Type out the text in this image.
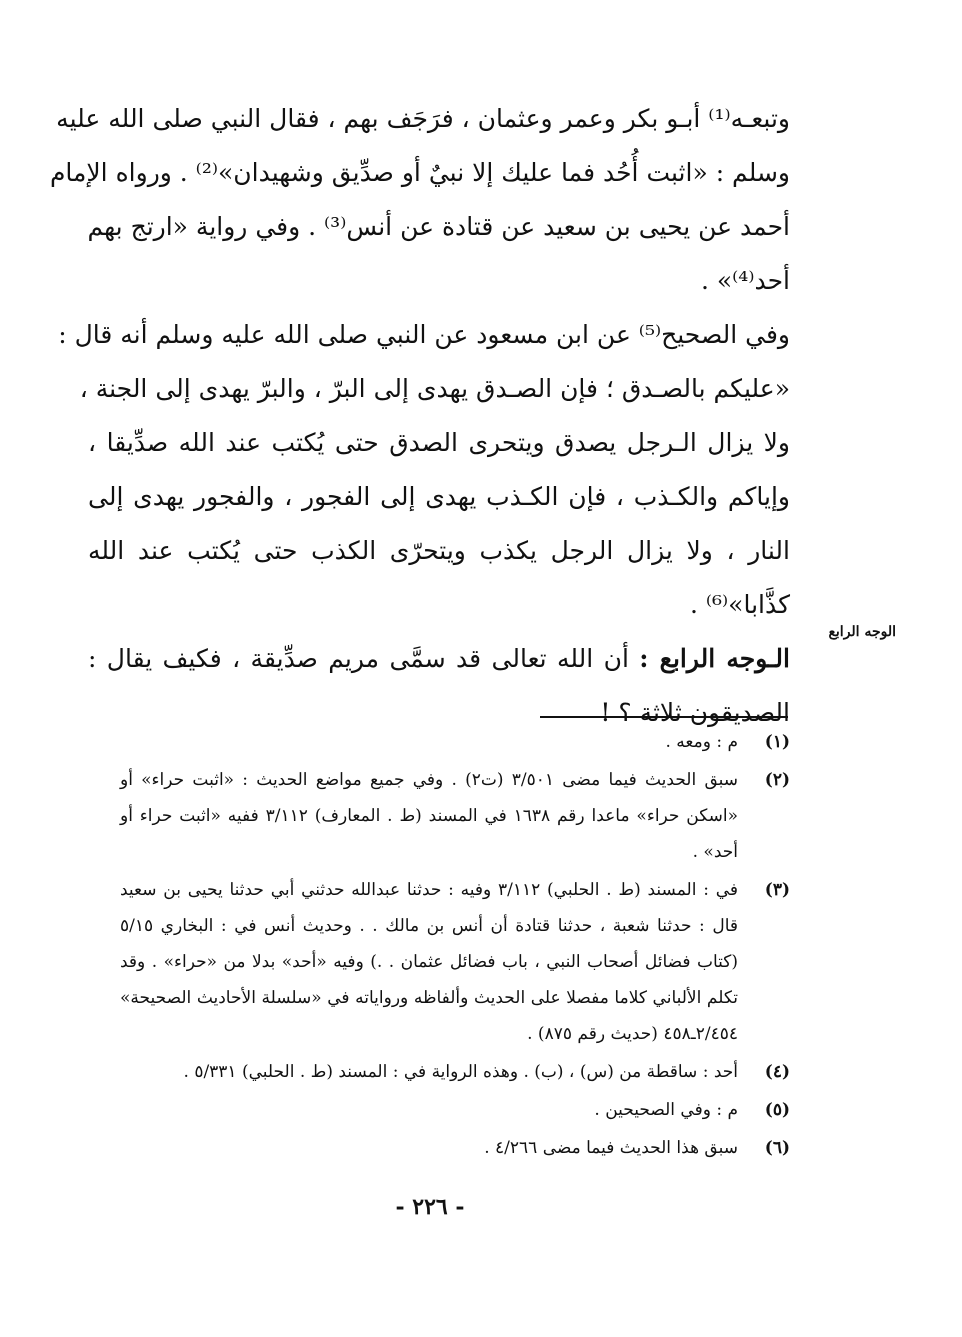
وتبعـه⁽¹⁾ أبـو بكر وعمر وعثمان ، فرَجَف بهم ، فقال النبي صلى الله عليه
وسلم : «اثبت أُحُد فما عليك إلا نبيٌ أو صدِّيق وشهيدان»⁽²⁾ . ورواه الإمام
أحمد عن يحيى بن سعيد عن قتادة عن أنس⁽³⁾ . وفي رواية «ارتج بهم
أحد⁽⁴⁾» .
وفي الصحيح⁽⁵⁾ عن ابن مسعود عن النبي صلى الله عليه وسلم أنه قال :
«عليكم بالصـدق ؛ فإن الصـدق يهدى إلى البرّ ، والبرّ يهدى إلى الجنة ،
ولا يزال الـرجل يصدق ويتحرى الصدق حتى يُكتب عند الله صدِّيقا ،
وإياكم والكـذب ، فإن الكـذب يهدى إلى الفجور ، والفجور يهدى إلى
النار ، ولا يزال الرجل يكذب ويتحرّى الكذب حتى يُكتب عند الله
كذَّابا»⁽⁶⁾ .
الـوجه الرابع : أن الله تعالى قد سمَّى مريم صدِّيقة ، فكيف يقال :
الصديقون ثلاثة ؟ !
الوجه الرابع
(١)
م : ومعه .
(٢)
سبق الحديث فيما مضى ٣/٥٠١ (ت٢) . وفي جميع مواضع الحديث : «اثبت حراء» أو
«اسكن حراء» ماعدا رقم ١٦٣٨ في المسند (ط . المعارف) ٣/١١٢ ففيه «اثبت حراء أو
أحد» .
(٣)
في : المسند (ط . الحلبي) ٣/١١٢ وفيه : حدثنا عبدالله حدثني أبي حدثنا يحيى بن سعيد
قال : حدثنا شعبة ، حدثنا قتادة أن أنس بن مالك . . وحديث أنس في : البخاري ٥/١٥
(كتاب فضائل أصحاب النبي ، باب فضائل عثمان . .) وفيه «أحد» بدلا من «حراء» . وقد
تكلم الألباني كلاما مفصلا على الحديث وألفاظه ورواياته في «سلسلة الأحاديث الصحيحة»
٢/٤٥٤ـ٤٥٨ (حديث رقم ٨٧٥) .
(٤)
أحد : ساقطة من (س) ، (ب) . وهذه الرواية في : المسند (ط . الحلبي) ٥/٣٣١ .
(٥)
م : وفي الصحيحين .
(٦)
سبق هذا الحديث فيما مضى ٤/٢٦٦ .
- ٢٢٦ -
